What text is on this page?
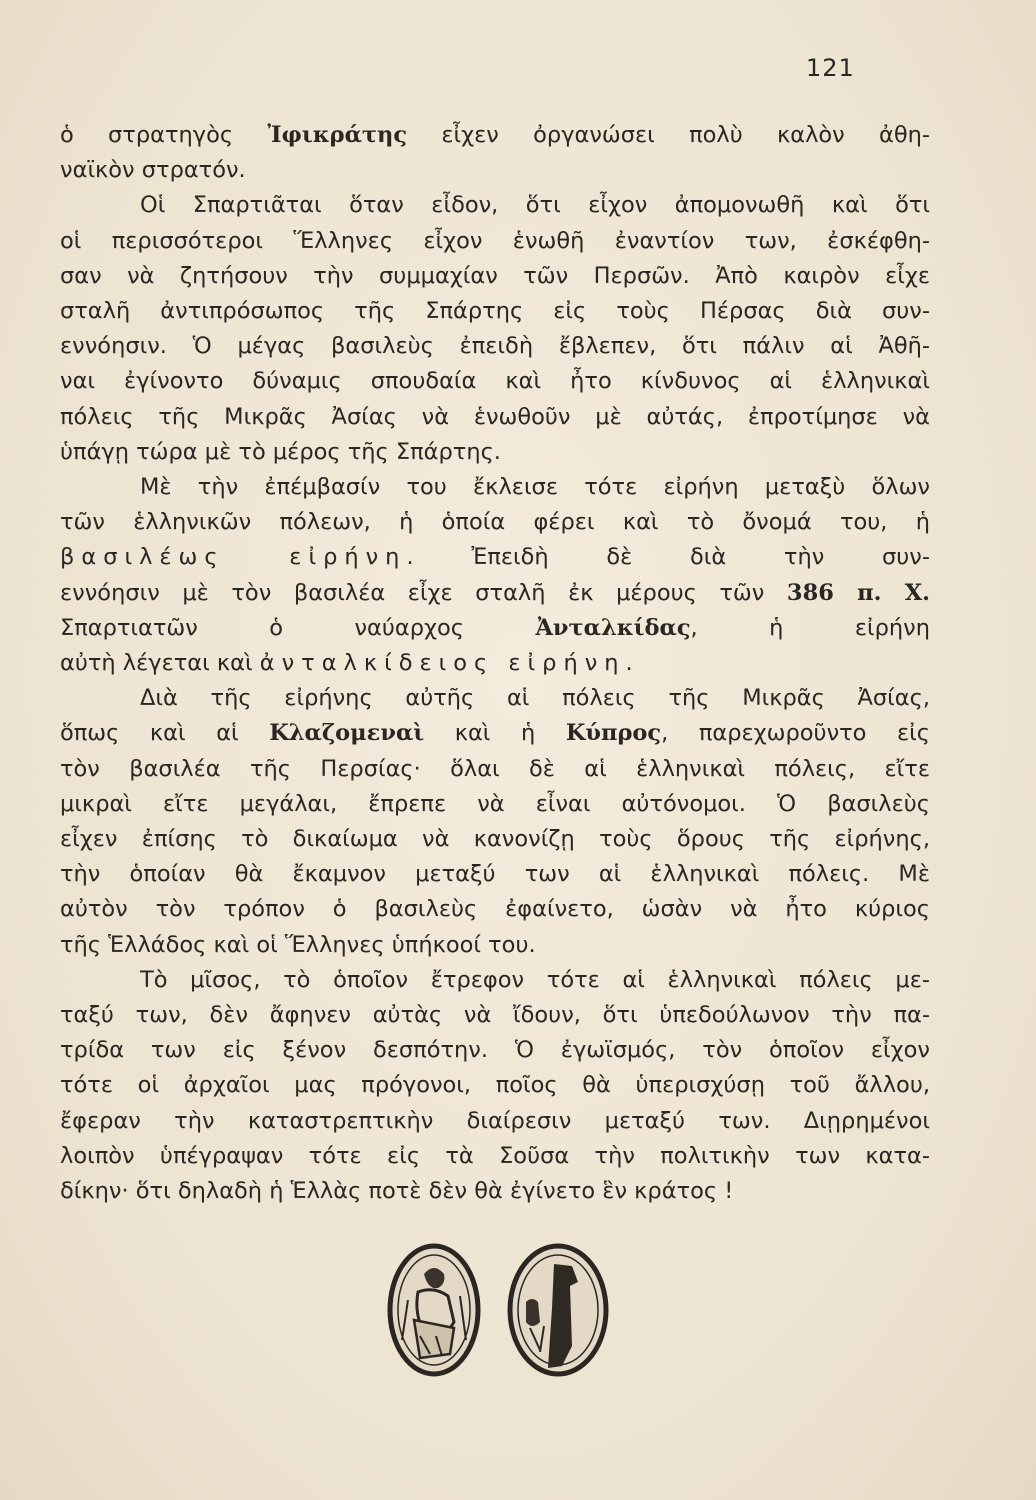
121
ὁ στρατηγὸς Ἰφικράτης εἶχεν ὀργανώσει πολὺ καλὸν ἀθη-
ναϊκὸν στρατόν.
Οἱ Σπαρτιᾶται ὅταν εἶδον, ὅτι εἶχον ἀπομονωθῆ καὶ ὅτι
οἱ περισσότεροι Ἕλληνες εἶχον ἑνωθῆ ἐναντίον των, ἐσκέφθη-
σαν νὰ ζητήσουν τὴν συμμαχίαν τῶν Περσῶν. Ἀπὸ καιρὸν εἶχε
σταλῆ ἀντιπρόσωπος τῆς Σπάρτης εἰς τοὺς Πέρσας διὰ συν-
εννόησιν. Ὁ μέγας βασιλεὺς ἐπειδὴ ἔβλεπεν, ὅτι πάλιν αἱ Ἀθῆ-
ναι ἐγίνοντο δύναμις σπουδαία καὶ ἦτο κίνδυνος αἱ ἑλληνικαὶ
πόλεις τῆς Μικρᾶς Ἀσίας νὰ ἑνωθοῦν μὲ αὐτάς, ἐπροτίμησε νὰ
ὑπάγῃ τώρα μὲ τὸ μέρος τῆς Σπάρτης.
Μὲ τὴν ἐπέμβασίν του ἔκλεισε τότε εἰρήνη μεταξὺ ὅλων
τῶν ἑλληνικῶν πόλεων, ἡ ὁποία φέρει καὶ τὸ ὄνομά του, ἡ
βασιλέως εἰρήνη. Ἐπειδὴ δὲ διὰ τὴν συν-
εννόησιν μὲ τὸν βασιλέα εἶχε σταλῆ ἐκ μέρους τῶν 386 π. Χ.
Σπαρτιατῶν ὁ ναύαρχος Ἀνταλκίδας, ἡ εἰρήνη
αὐτὴ λέγεται καὶ ἀνταλκίδειος εἰρήνη.
Διὰ τῆς εἰρήνης αὐτῆς αἱ πόλεις τῆς Μικρᾶς Ἀσίας,
ὅπως καὶ αἱ Κλαζομεναὶ καὶ ἡ Κύπρος, παρεχωροῦντο εἰς
τὸν βασιλέα τῆς Περσίας· ὅλαι δὲ αἱ ἑλληνικαὶ πόλεις, εἴτε
μικραὶ εἴτε μεγάλαι, ἔπρεπε νὰ εἶναι αὐτόνομοι. Ὁ βασιλεὺς
εἶχεν ἐπίσης τὸ δικαίωμα νὰ κανονίζῃ τοὺς ὅρους τῆς εἰρήνης,
τὴν ὁποίαν θὰ ἔκαμνον μεταξύ των αἱ ἑλληνικαὶ πόλεις. Μὲ
αὐτὸν τὸν τρόπον ὁ βασιλεὺς ἐφαίνετο, ὡσὰν νὰ ἦτο κύριος
τῆς Ἑλλάδος καὶ οἱ Ἕλληνες ὑπήκοοί του.
Τὸ μῖσος, τὸ ὁποῖον ἔτρεφον τότε αἱ ἑλληνικαὶ πόλεις με-
ταξύ των, δὲν ἄφηνεν αὐτὰς νὰ ἴδουν, ὅτι ὑπεδούλωνον τὴν πα-
τρίδα των εἰς ξένον δεσπότην. Ὁ ἐγωϊσμός, τὸν ὁποῖον εἶχον
τότε οἱ ἀρχαῖοι μας πρόγονοι, ποῖος θὰ ὑπερισχύσῃ τοῦ ἄλλου,
ἔφεραν τὴν καταστρεπτικὴν διαίρεσιν μεταξύ των. Διῃρημένοι
λοιπὸν ὑπέγραψαν τότε εἰς τὰ Σοῦσα τὴν πολιτικὴν των κατα-
δίκην· ὅτι δηλαδὴ ἡ Ἑλλὰς ποτὲ δὲν θὰ ἐγίνετο ἓν κράτος !
